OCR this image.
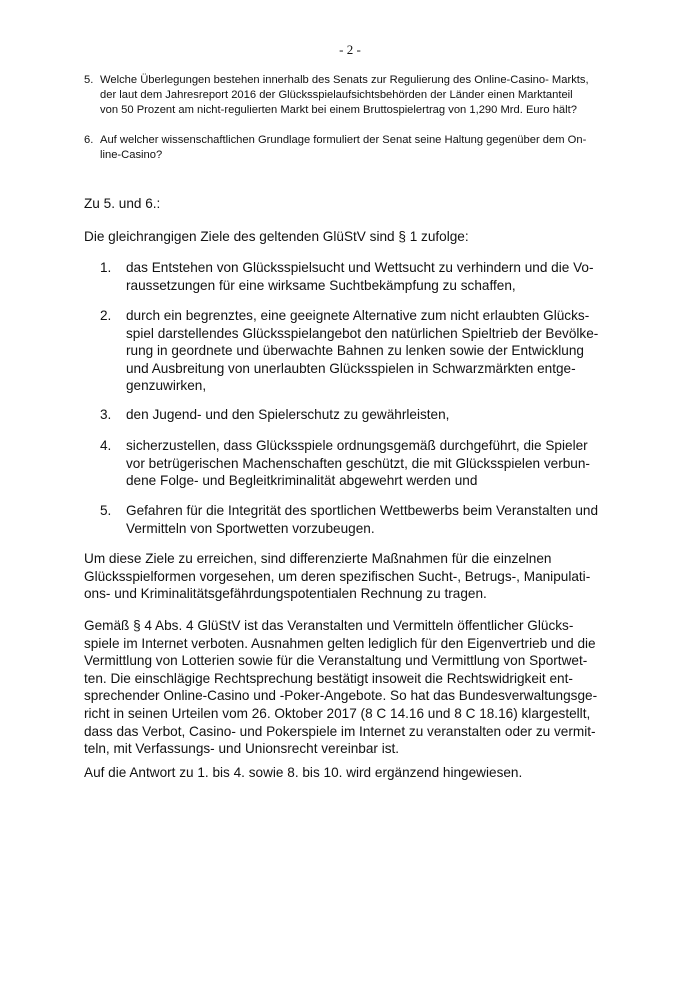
- 2 -
5. Welche Überlegungen bestehen innerhalb des Senats zur Regulierung des Online-Casino- Markts,
der laut dem Jahresreport 2016 der Glücksspielaufsichtsbehörden der Länder einen Marktanteil
von 50 Prozent am nicht-regulierten Markt bei einem Bruttospielertrag von 1,290 Mrd. Euro hält?
6. Auf welcher wissenschaftlichen Grundlage formuliert der Senat seine Haltung gegenüber dem On-
line-Casino?
Zu 5. und 6.:
Die gleichrangigen Ziele des geltenden GlüStV sind § 1 zufolge:
1. das Entstehen von Glücksspielsucht und Wettsucht zu verhindern und die Vo-
raussetzungen für eine wirksame Suchtbekämpfung zu schaffen,
2. durch ein begrenztes, eine geeignete Alternative zum nicht erlaubten Glücks-
spiel darstellendes Glücksspielangebot den natürlichen Spieltrieb der Bevölke-
rung in geordnete und überwachte Bahnen zu lenken sowie der Entwicklung
und Ausbreitung von unerlaubten Glücksspielen in Schwarzmärkten entge-
genzuwirken,
3. den Jugend- und den Spielerschutz zu gewährleisten,
4. sicherzustellen, dass Glücksspiele ordnungsgemäß durchgeführt, die Spieler
vor betrügerischen Machenschaften geschützt, die mit Glücksspielen verbun-
dene Folge- und Begleitkriminalität abgewehrt werden und
5. Gefahren für die Integrität des sportlichen Wettbewerbs beim Veranstalten und
Vermitteln von Sportwetten vorzubeugen.
Um diese Ziele zu erreichen, sind differenzierte Maßnahmen für die einzelnen
Glücksspielformen vorgesehen, um deren spezifischen Sucht-, Betrugs-, Manipulati-
ons- und Kriminalitätsgefährdungspotentialen Rechnung zu tragen.
Gemäß § 4 Abs. 4 GlüStV ist das Veranstalten und Vermitteln öffentlicher Glücks-
spiele im Internet verboten. Ausnahmen gelten lediglich für den Eigenvertrieb und die
Vermittlung von Lotterien sowie für die Veranstaltung und Vermittlung von Sportwet-
ten. Die einschlägige Rechtsprechung bestätigt insoweit die Rechtswidrigkeit ent-
sprechender Online-Casino und -Poker-Angebote. So hat das Bundesverwaltungsge-
richt in seinen Urteilen vom 26. Oktober 2017 (8 C 14.16 und 8 C 18.16) klargestellt,
dass das Verbot, Casino- und Pokerspiele im Internet zu veranstalten oder zu vermit-
teln, mit Verfassungs- und Unionsrecht vereinbar ist.
Auf die Antwort zu 1. bis 4. sowie 8. bis 10. wird ergänzend hingewiesen.
